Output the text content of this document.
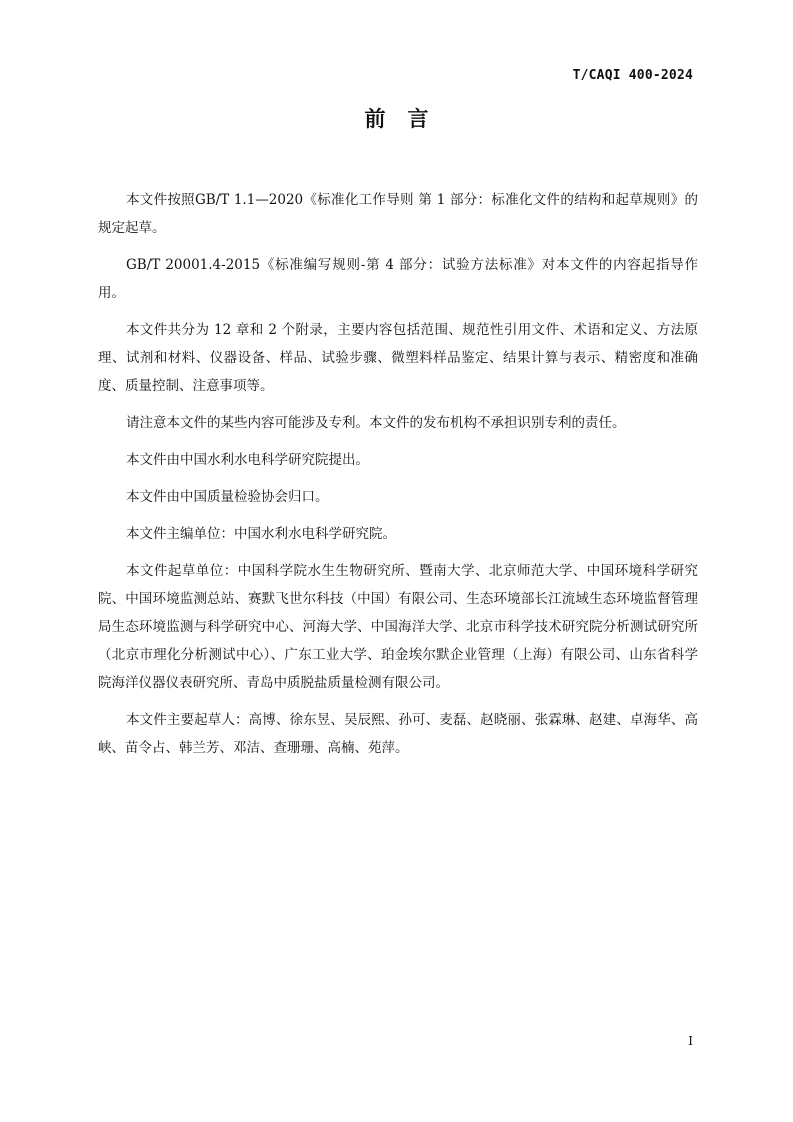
T/CAQI 400-2024
前言

本文件按照GB/T 1.1—2020《标准化工作导则 第 1 部分：标准化文件的结构和起草规则》的规定起草。

GB/T 20001.4-2015《标准编写规则-第 4 部分：试验方法标准》对本文件的内容起指导作用。

本文件共分为 12 章和 2 个附录，主要内容包括范围、规范性引用文件、术语和定义、方法原理、试剂和材料、仪器设备、样品、试验步骤、微塑料样品鉴定、结果计算与表示、精密度和准确度、质量控制、注意事项等。

请注意本文件的某些内容可能涉及专利。本文件的发布机构不承担识别专利的责任。

本文件由中国水利水电科学研究院提出。

本文件由中国质量检验协会归口。

本文件主编单位：中国水利水电科学研究院。

本文件起草单位：中国科学院水生生物研究所、暨南大学、北京师范大学、中国环境科学研究院、中国环境监测总站、赛默飞世尔科技（中国）有限公司、生态环境部长江流域生态环境监督管理局生态环境监测与科学研究中心、河海大学、中国海洋大学、北京市科学技术研究院分析测试研究所（北京市理化分析测试中心）、广东工业大学、珀金埃尔默企业管理（上海）有限公司、山东省科学院海洋仪器仪表研究所、青岛中质脱盐质量检测有限公司。

本文件主要起草人：高博、徐东昱、吴辰熙、孙可、麦磊、赵晓丽、张霖琳、赵建、卓海华、高峡、苗令占、韩兰芳、邓洁、查珊珊、高楠、苑萍。

I
